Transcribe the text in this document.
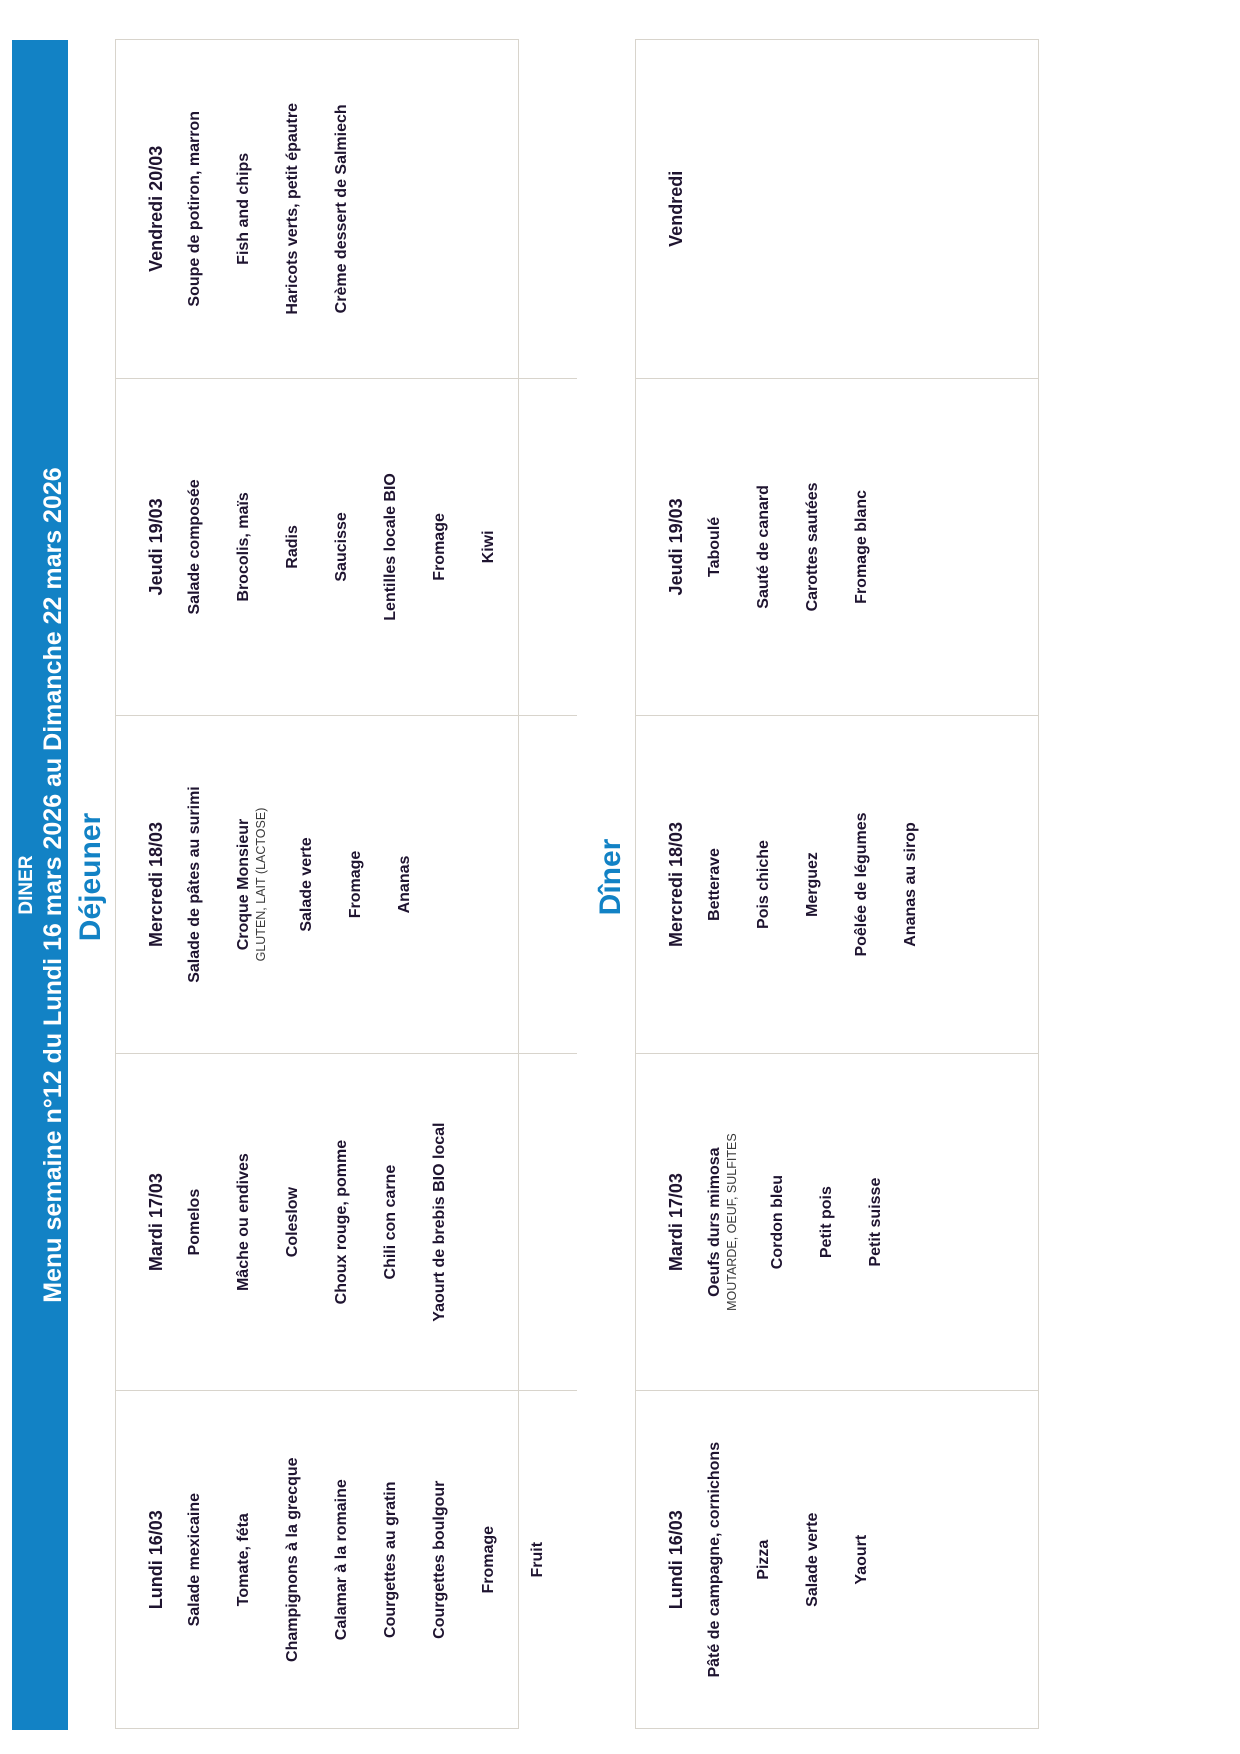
DINER Menu semaine n°12 du Lundi 16 mars 2026 au Dimanche 22 mars 2026 Déjeuner
Lundi 16/03 Salade mexicaine Tomate, féta Champignons à la grecque Calamar à la romaine Courgettes au gratin Courgettes boulgour Fromage Fruit
Mardi 17/03 Pomelos Mâche ou endives Coleslow Choux rouge, pomme Chili con carne Yaourt de brebis BIO local
Mercredi 18/03 Salade de pâtes au surimi Croque Monsieur GLUTEN, LAIT (LACTOSE) Salade verte Fromage Ananas
Jeudi 19/03 Salade composée Brocolis, maïs Radis Saucisse Lentilles locale BIO Fromage Kiwi
Vendredi 20/03 Soupe de potiron, marron Fish and chips Haricots verts, petit épautre Crème dessert de Salmiech
Dîner
Lundi 16/03 Pâté de campagne, cornichons Pizza Salade verte Yaourt
Mardi 17/03 Oeufs durs mimosa MOUTARDE, OEUF, SULFITES Cordon bleu Petit pois Petit suisse
Mercredi 18/03 Betterave Pois chiche Merguez Poêlée de légumes Ananas au sirop
Jeudi 19/03 Taboulé Sauté de canard Carottes sautées Fromage blanc
Vendredi
